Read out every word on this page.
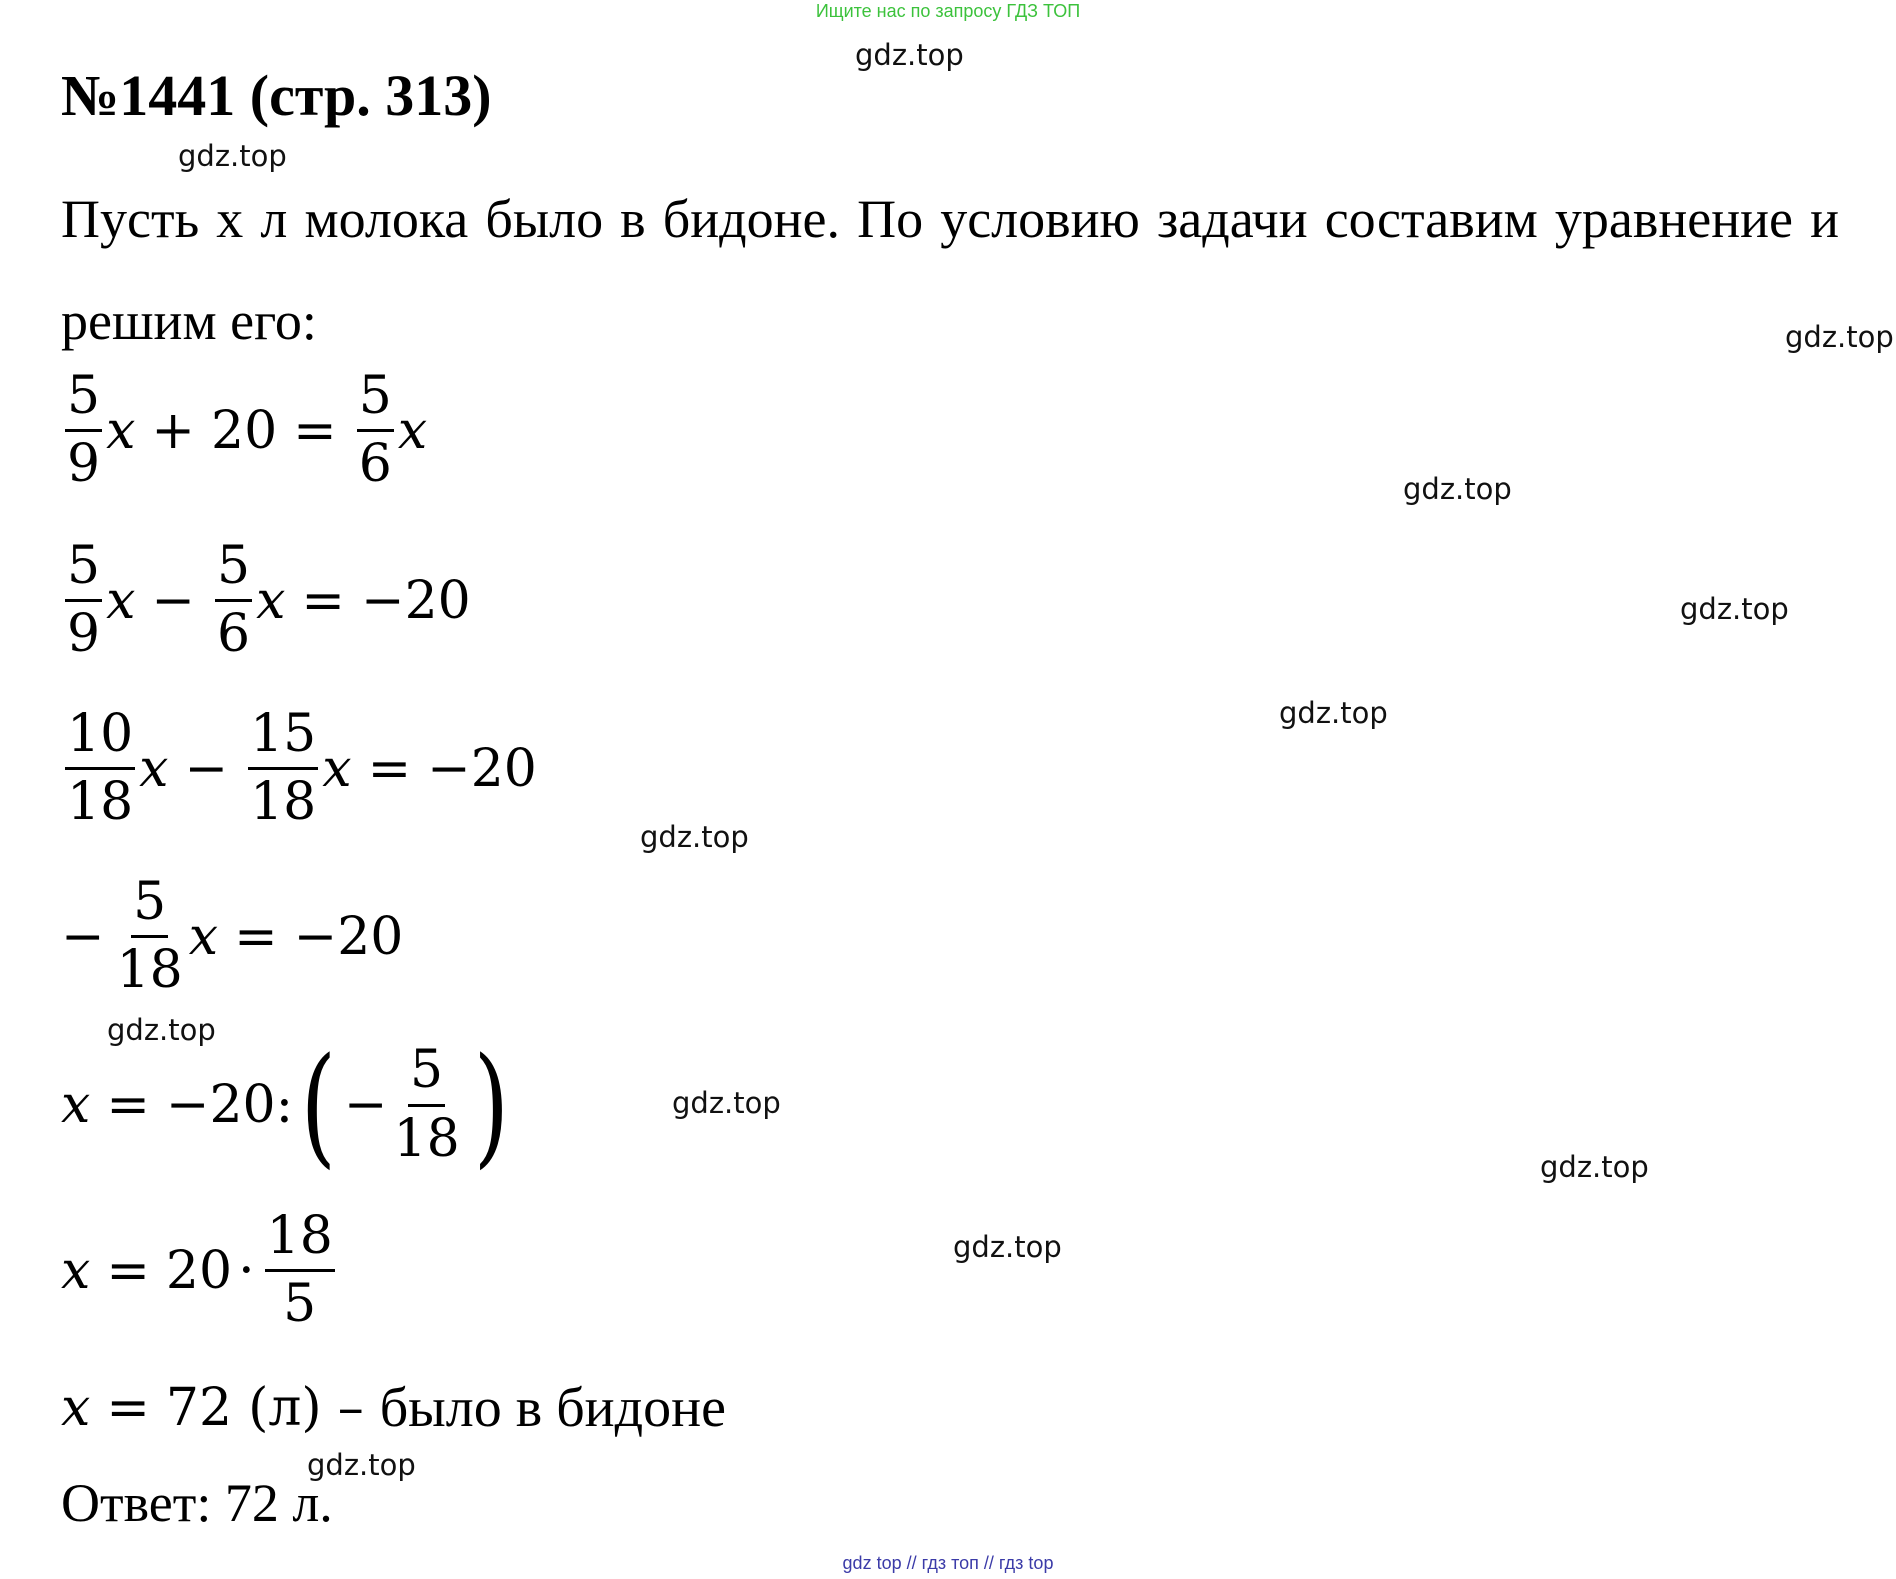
Ищите нас по запросу ГДЗ ТОП
gdz.top
gdz.top
gdz.top
gdz.top
gdz.top
gdz.top
gdz.top
gdz.top
gdz.top
gdz.top
gdz.top
gdz.top
№1441 (стр. 313)
Пусть х л молока было в бидоне. По условию задачи составим уравнение и решим его:
$\frac{5}{9}$ $x + 20 = \frac{5}{6}$ x
$\frac{5}{9}$ $x - \frac{5}{6}$ x = −20
$\frac{10}{18}$ $x - \frac{15}{18}$ x = −20
− $\frac{5}{18}$ x = −20
x = −20 : ( − $\frac{5}{18}$ )
$x = 20 \cdot \frac{18}{5}$
x = 72 (л) – было в бидоне
Ответ: 72 л.
gdz top // гдз топ // гдз top
